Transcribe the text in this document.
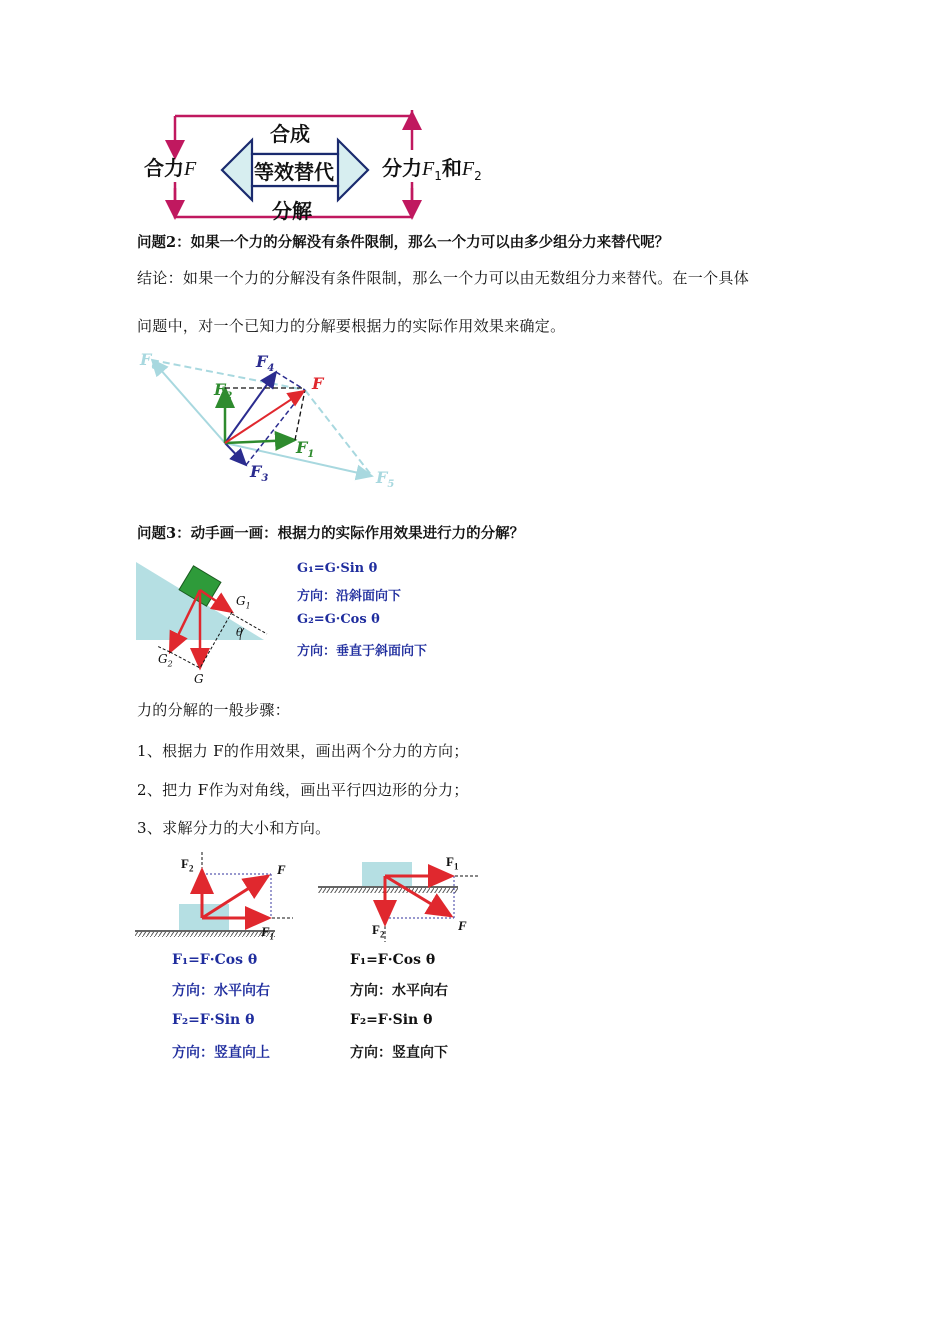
合成
等效替代
分解
合力F	分力$F_1$和$F_2$
问题2：如果一个力的分解没有条件限制，那么一个力可以由多少组分力来替代呢？
结论：如果一个力的分解没有条件限制，那么一个力可以由无数组分力来替代。在一个具体
问题中，对一个已知力的分解要根据力的实际作用效果来确定。
$F_6$	$F_4$
F
$F_2$
$F_1$
$F_3$	$F_5$
问题3：动手画一画：根据力的实际作用效果进行力的分解？
$G_1$
$G_2$
G
θ
G₁=G·Sin θ
方向：沿斜面向下
G₂=G·Cos θ
方向：垂直于斜面向下
力的分解的一般步骤：
1、根据力 F的作用效果，画出两个分力的方向；
2、把力 F作为对角线，画出平行四边形的分力；
3、求解分力的大小和方向。
$F_2$	F
$F_1$
$F_1$
F
$F_2$
F₁=F·Cos θ
方向：水平向右
F₂=F·Sin θ
方向：竖直向上
F₁=F·Cos θ
方向：水平向右
F₂=F·Sin θ
方向：竖直向下
